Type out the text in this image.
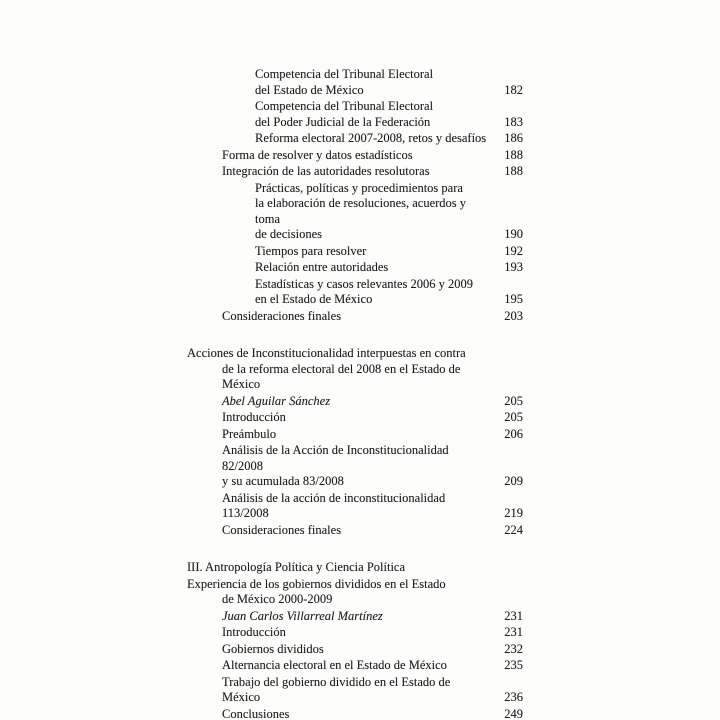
Competencia del Tribunal Electoral
del Estado de México	182
Competencia del Tribunal Electoral
del Poder Judicial de la Federación	183
Reforma electoral 2007-2008, retos y desafíos	186
Forma de resolver y datos estadísticos	188
Integración de las autoridades resolutoras	188
Prácticas, políticas y procedimientos para
la elaboración de resoluciones, acuerdos y toma
de decisiones	190
Tiempos para resolver	192
Relación entre autoridades	193
Estadísticas y casos relevantes 2006 y 2009
en el Estado de México	195
Consideraciones finales	203
Acciones de Inconstitucionalidad interpuestas en contra
de la reforma electoral del 2008 en el Estado de México
Abel Aguilar Sánchez	205
Introducción	205
Preámbulo	206
Análisis de la Acción de Inconstitucionalidad 82/2008
y su acumulada 83/2008	209
Análisis de la acción de inconstitucionalidad 113/2008	219
Consideraciones finales	224
III. Antropología Política y Ciencia Política
Experiencia de los gobiernos divididos en el Estado
de México 2000-2009
Juan Carlos Villarreal Martínez	231
Introducción	231
Gobiernos divididos	232
Alternancia electoral en el Estado de México	235
Trabajo del gobierno dividido en el Estado de México	236
Conclusiones	249
